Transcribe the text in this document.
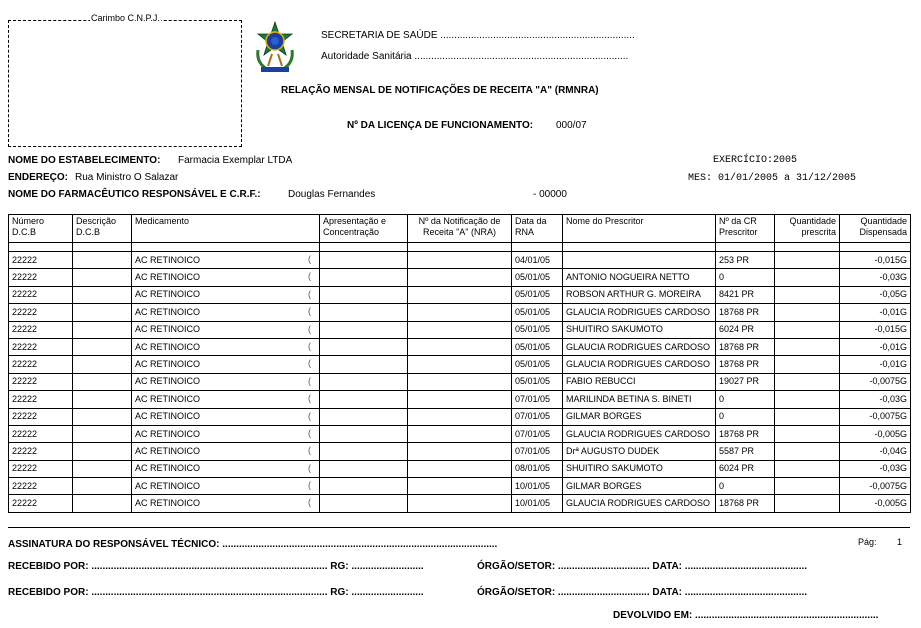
Carimbo C.N.P.J.
SECRETARIA DE SAÚDE ......................................................................
Autoridade Sanitária .............................................................................
RELAÇÃO MENSAL DE NOTIFICAÇÕES DE RECEITA "A" (RMNRA)
Nº DA LICENÇA DE FUNCIONAMENTO: 000/07
NOME DO ESTABELECIMENTO: Farmacia Exemplar LTDA
ENDEREÇO: Rua Ministro O Salazar
NOME DO FARMACÊUTICO RESPONSÁVEL E C.R.F.:	Douglas Fernandes	- 00000
EXERCÍCIO:2005
MES: 01/01/2005 a 31/12/2005
Número D.C.B	Descrição D.C.B	Medicamento	Apresentação e Concentração	Nº da Notificação de Receita "A" (NRA)	Data da RNA	Nome do Prescritor	Nº da CR Prescritor	Quantidade prescrita	Quantidade Dispensada

22222		AC RETINOICO (			04/01/05		253 PR		-0,015G
22222		AC RETINOICO (			05/01/05	ANTONIO NOGUEIRA NETTO	0		-0,03G
22222		AC RETINOICO (			05/01/05	ROBSON ARTHUR G. MOREIRA	8421 PR		-0,05G
22222		AC RETINOICO (			05/01/05	GLAUCIA RODRIGUES CARDOSO	18768 PR		-0,01G
22222		AC RETINOICO (			05/01/05	SHUITIRO SAKUMOTO	6024 PR		-0,015G
22222		AC RETINOICO (			05/01/05	GLAUCIA RODRIGUES CARDOSO	18768 PR		-0,01G
22222		AC RETINOICO (			05/01/05	GLAUCIA RODRIGUES CARDOSO	18768 PR		-0,01G
22222		AC RETINOICO (			05/01/05	FABIO REBUCCI	19027 PR		-0,0075G
22222		AC RETINOICO (			07/01/05	MARILINDA BETINA S. BINETI	0		-0,03G
22222		AC RETINOICO (			07/01/05	GILMAR BORGES	0		-0,0075G
22222		AC RETINOICO (			07/01/05	GLAUCIA RODRIGUES CARDOSO	18768 PR		-0,005G
22222		AC RETINOICO (			07/01/05	Drª AUGUSTO DUDEK	5587 PR		-0,04G
22222		AC RETINOICO (			08/01/05	SHUITIRO SAKUMOTO	6024 PR		-0,03G
22222		AC RETINOICO (			10/01/05	GILMAR BORGES	0		-0,0075G
22222		AC RETINOICO (			10/01/05	GLAUCIA RODRIGUES CARDOSO	18768 PR		-0,005G
ASSINATURA DO RESPONSÁVEL TÉCNICO: ...................................................................................................	Pág: 1
RECEBIDO POR: ..................................................................................... RG: ..........................	ÓRGÃO/SETOR: ................................. DATA: ............................................
RECEBIDO POR: ..................................................................................... RG: ..........................	ÓRGÃO/SETOR: ................................. DATA: ............................................
DEVOLVIDO EM: ..................................................................
